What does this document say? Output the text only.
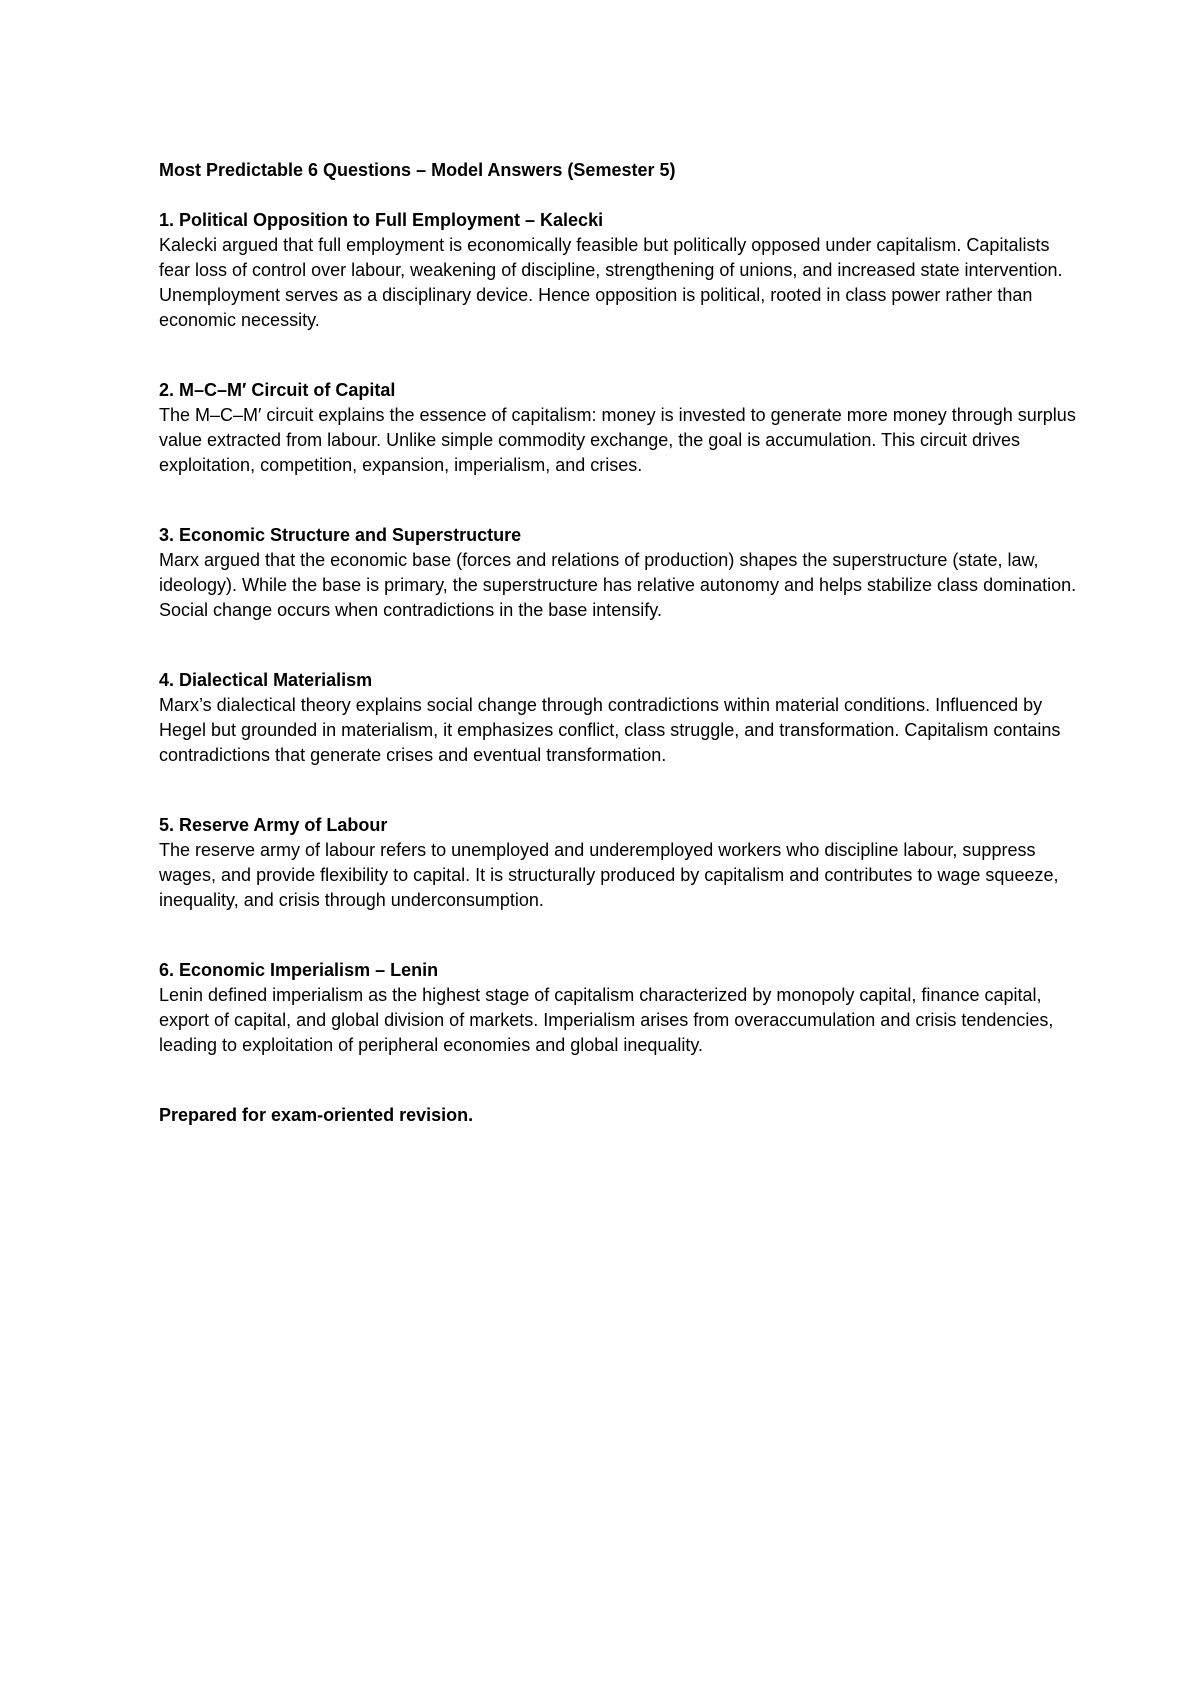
Most Predictable 6 Questions – Model Answers (Semester 5)

1. Political Opposition to Full Employment – Kalecki

Kalecki argued that full employment is economically feasible but politically opposed under capitalism. Capitalists fear loss of control over labour, weakening of discipline, strengthening of unions, and increased state intervention. Unemployment serves as a disciplinary device. Hence opposition is political, rooted in class power rather than economic necessity.

2. M–C–M′ Circuit of Capital

The M–C–M′ circuit explains the essence of capitalism: money is invested to generate more money through surplus value extracted from labour. Unlike simple commodity exchange, the goal is accumulation. This circuit drives exploitation, competition, expansion, imperialism, and crises.

3. Economic Structure and Superstructure

Marx argued that the economic base (forces and relations of production) shapes the superstructure (state, law, ideology). While the base is primary, the superstructure has relative autonomy and helps stabilize class domination. Social change occurs when contradictions in the base intensify.

4. Dialectical Materialism

Marx’s dialectical theory explains social change through contradictions within material conditions. Influenced by Hegel but grounded in materialism, it emphasizes conflict, class struggle, and transformation. Capitalism contains contradictions that generate crises and eventual transformation.

5. Reserve Army of Labour

The reserve army of labour refers to unemployed and underemployed workers who discipline labour, suppress wages, and provide flexibility to capital. It is structurally produced by capitalism and contributes to wage squeeze, inequality, and crisis through underconsumption.

6. Economic Imperialism – Lenin

Lenin defined imperialism as the highest stage of capitalism characterized by monopoly capital, finance capital, export of capital, and global division of markets. Imperialism arises from overaccumulation and crisis tendencies, leading to exploitation of peripheral economies and global inequality.

Prepared for exam-oriented revision.
